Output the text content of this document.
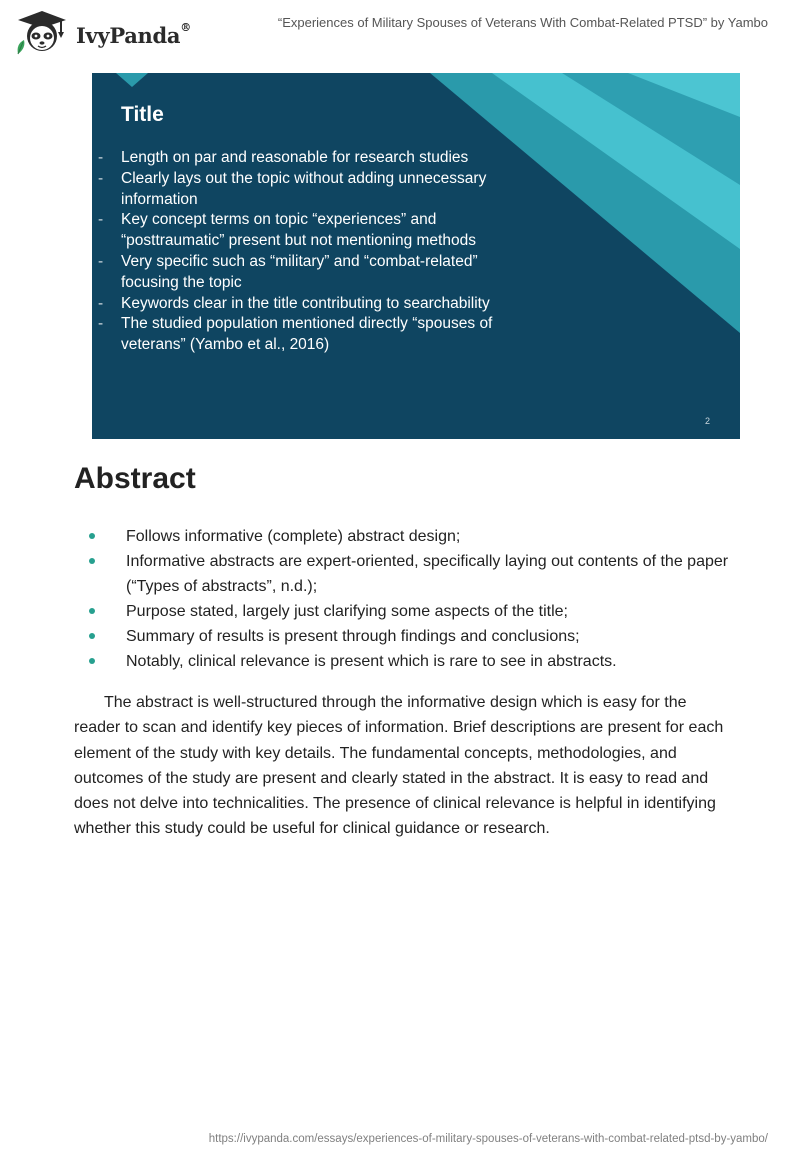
IvyPanda®	“Experiences of Military Spouses of Veterans With Combat-Related PTSD” by Yambo
Title
- Length on par and reasonable for research studies
- Clearly lays out the topic without adding unnecessary information
- Key concept terms on topic “experiences” and “posttraumatic” present but not mentioning methods
- Very specific such as “military” and “combat-related” focusing the topic
- Keywords clear in the title contributing to searchability
- The studied population mentioned directly “spouses of veterans” (Yambo et al., 2016)
2
Abstract
Follows informative (complete) abstract design;
Informative abstracts are expert-oriented, specifically laying out contents of the paper (“Types of abstracts”, n.d.);
Purpose stated, largely just clarifying some aspects of the title;
Summary of results is present through findings and conclusions;
Notably, clinical relevance is present which is rare to see in abstracts.

The abstract is well-structured through the informative design which is easy for the reader to scan and identify key pieces of information. Brief descriptions are present for each element of the study with key details. The fundamental concepts, methodologies, and outcomes of the study are present and clearly stated in the abstract. It is easy to read and does not delve into technicalities. The presence of clinical relevance is helpful in identifying whether this study could be useful for clinical guidance or research.

https://ivypanda.com/essays/experiences-of-military-spouses-of-veterans-with-combat-related-ptsd-by-yambo/
